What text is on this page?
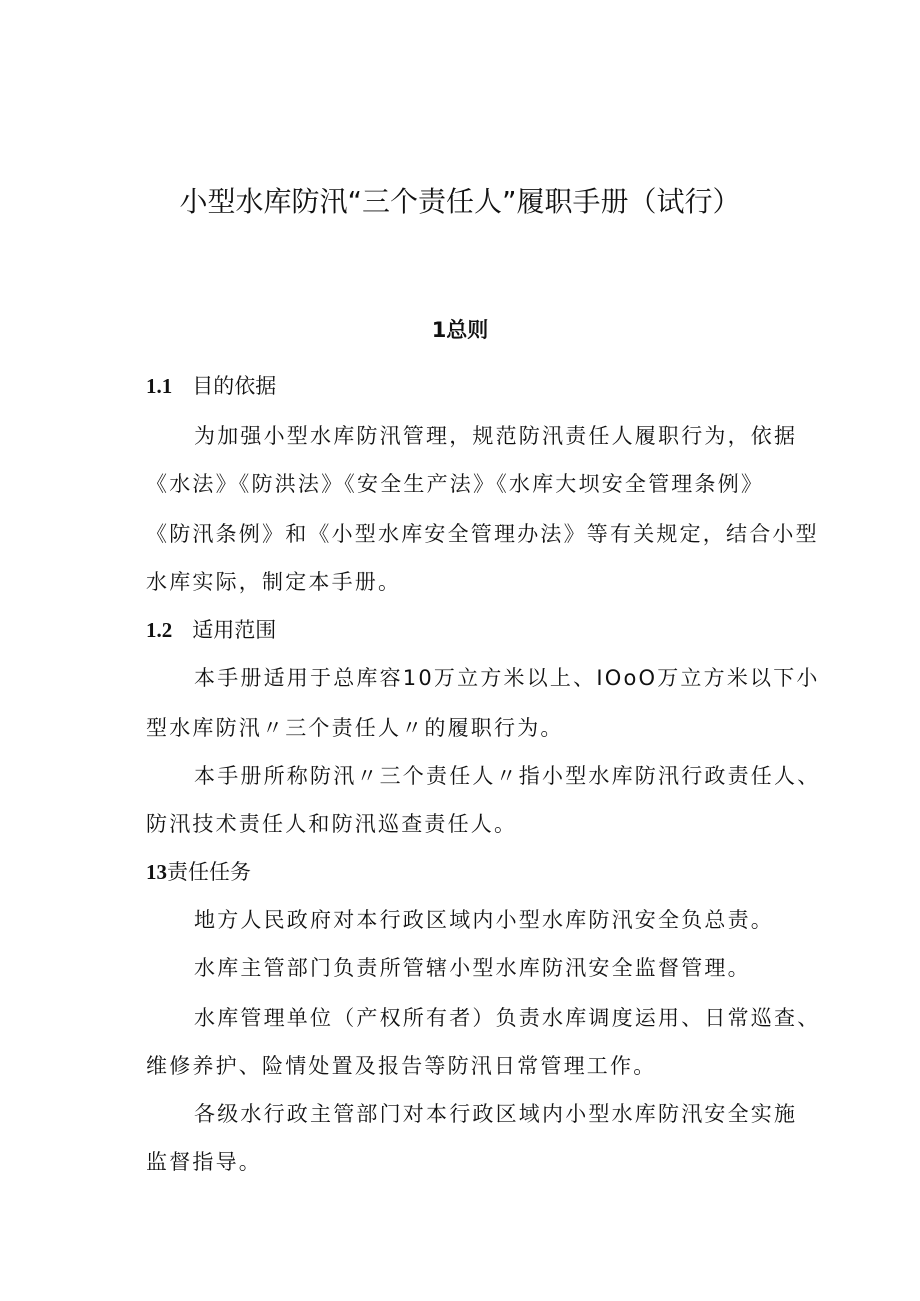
小型水库防汛“三个责任人”履职手册（试行）
1总则
1.1 目的依据
为加强小型水库防汛管理，规范防汛责任人履职行为，依据
《水法》《防洪法》《安全生产法》《水库大坝安全管理条例》
《防汛条例》和《小型水库安全管理办法》等有关规定，结合小型
水库实际，制定本手册。
1.2 适用范围
本手册适用于总库容10万立方米以上、IOoO万立方米以下小
型水库防汛〃三个责任人〃的履职行为。
本手册所称防汛〃三个责任人〃指小型水库防汛行政责任人、
防汛技术责任人和防汛巡查责任人。
13责任任务
地方人民政府对本行政区域内小型水库防汛安全负总责。
水库主管部门负责所管辖小型水库防汛安全监督管理。
水库管理单位（产权所有者）负责水库调度运用、日常巡查、
维修养护、险情处置及报告等防汛日常管理工作。
各级水行政主管部门对本行政区域内小型水库防汛安全实施
监督指导。
